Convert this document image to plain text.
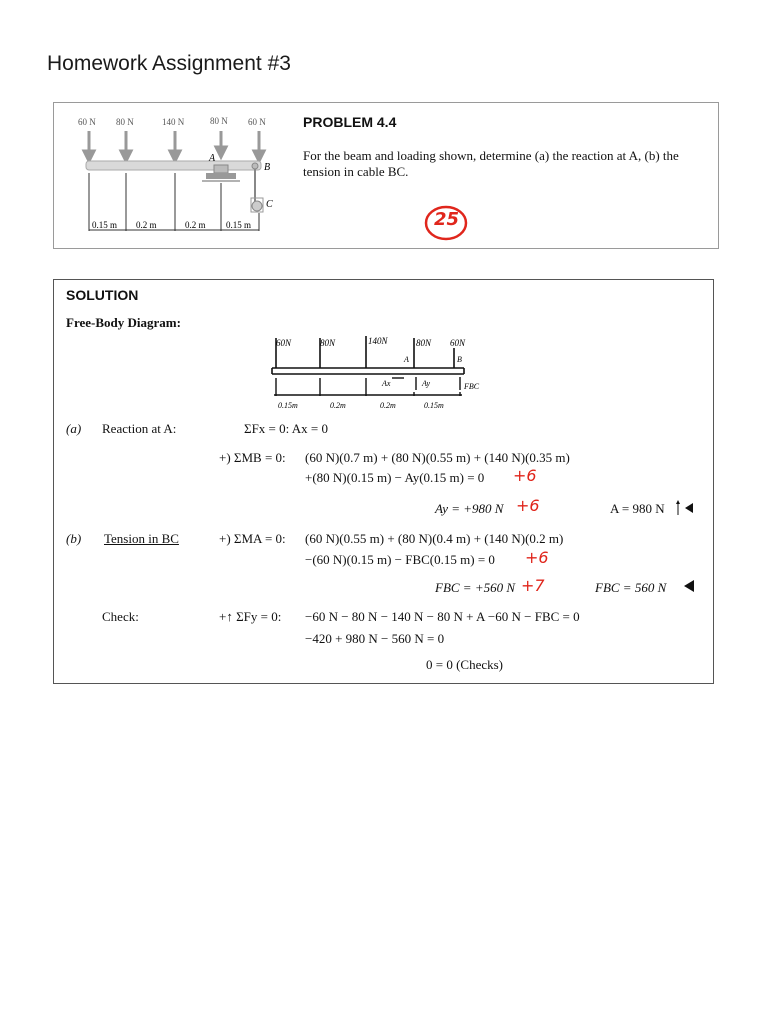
Homework Assignment #3
60 N 80 N	140 N	80 N 60 N
A
B
C
0.15 m 0.2 m	0.2 m 0.15 m
PROBLEM 4.4
For the beam and loading shown, determine (a) the reaction at A, (b) the tension in cable BC.
25
SOLUTION
Free-Body Diagram:
60N	80N	140N	80N 60N
A	B
Ax	Ay	FBC
0.15m	0.2m	0.2m	0.15m
(a) Reaction at A:	ΣFx = 0: Ax = 0
+) ΣMB = 0: (60 N)(0.7 m) + (80 N)(0.55 m) + (140 N)(0.35 m)
+(80 N)(0.15 m) − Ay(0.15 m) = 0 +6
Ay = +980 N +6	A = 980 N
(b) Tension in BC	+) ΣMA = 0: (60 N)(0.55 m) + (80 N)(0.4 m) + (140 N)(0.2 m)
−(60 N)(0.15 m) − FBC(0.15 m) = 0 +6
FBC = +560 N +7	FBC = 560 N
Check:	+↑ ΣFy = 0: −60 N − 80 N − 140 N − 80 N + A −60 N − FBC = 0
−420 + 980 N − 560 N = 0
0 = 0 (Checks)
